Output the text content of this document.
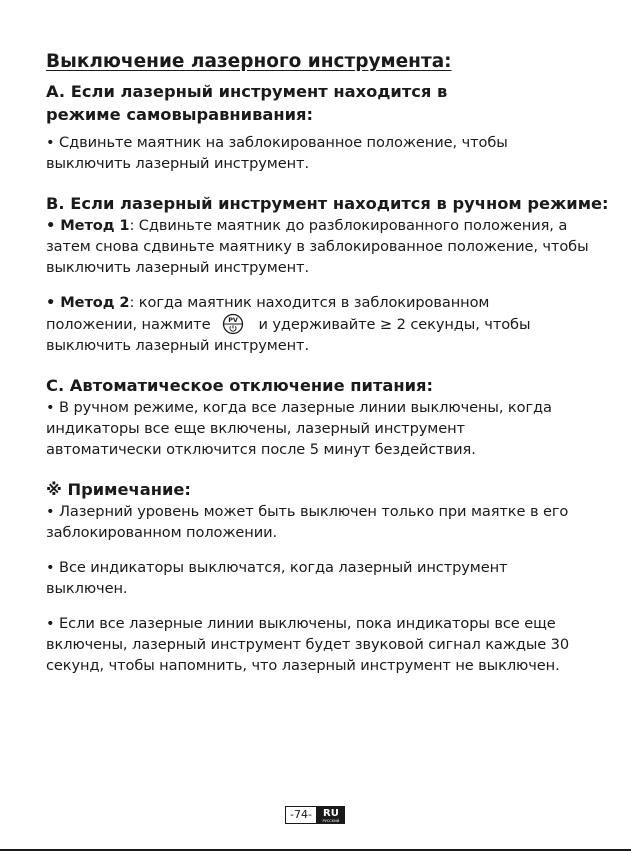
Выключение лазерного инструмента:
A. Если лазерный инструмент находится в режиме самовыравнивания:
• Сдвиньте маятник на заблокированное положение, чтобы выключить лазерный инструмент.
B. Если лазерный инструмент находится в ручном режиме:
• Метод 1: Сдвиньте маятник до разблокированного положения, а затем снова сдвиньте маятнику в заблокированное положение, чтобы выключить лазерный инструмент.
• Метод 2: когда маятник находится в заблокированном положении, нажмите	PV и удерживайте ≥ 2 секунды, чтобы выключить лазерный инструмент.
C. Автоматическое отключение питания:
• В ручном режиме, когда все лазерные линии выключены, когда индикаторы все еще включены, лазерный инструмент автоматически отключится после 5 минут бездействия.
※ Примечание:
• Лазерний уровень может быть выключен только при маятке в его заблокированном положении.
• Все индикаторы выключатся, когда лазерный инструмент выключен.
• Если все лазерные линии выключены, пока индикаторы все еще включены, лазерный инструмент будет звуковой сигнал каждые 30 секунд, чтобы напомнить, что лазерный инструмент не выключен.
-74-	RU
РУССКИЙ
